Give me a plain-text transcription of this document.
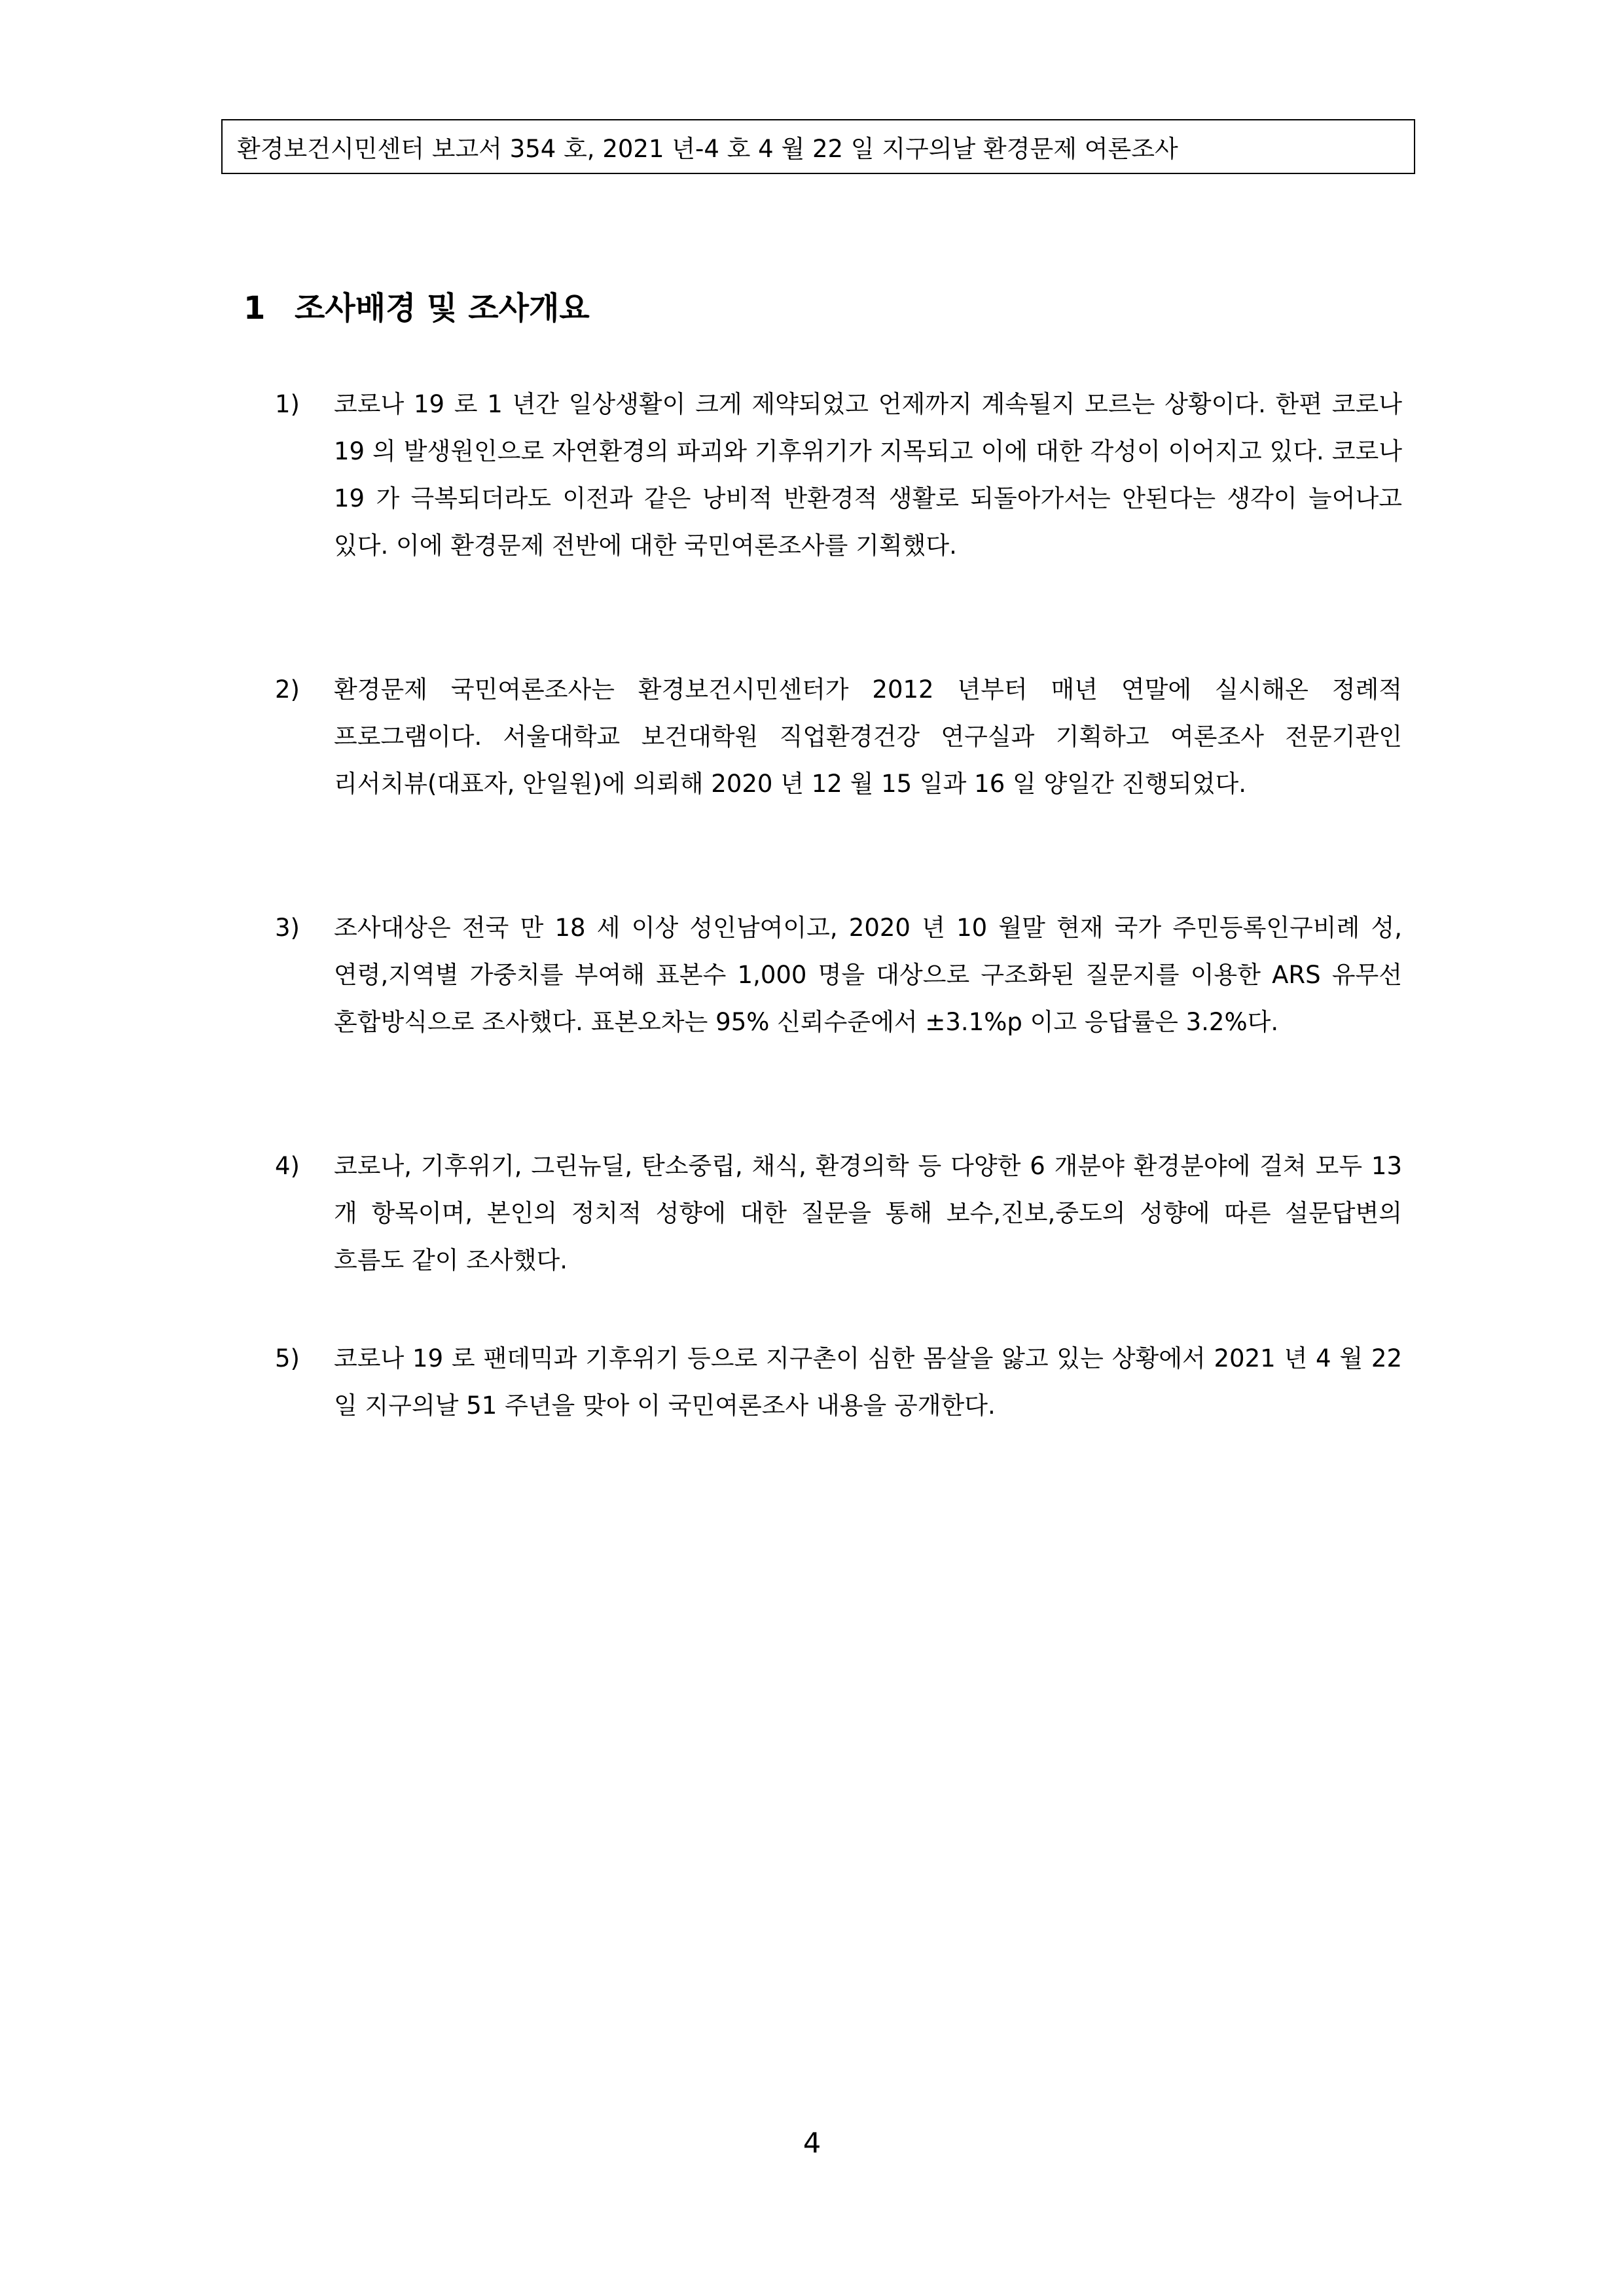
환경보건시민센터 보고서 354 호, 2021 년-4 호 4 월 22 일 지구의날 환경문제 여론조사
1 조사배경 및 조사개요
1)	코로나 19 로 1 년간 일상생활이 크게 제약되었고 언제까지 계속될지 모르는 상황이다. 한편 코로나 19 의 발생원인으로 자연환경의 파괴와 기후위기가 지목되고 이에 대한 각성이 이어지고 있다. 코로나 19 가 극복되더라도 이전과 같은 낭비적 반환경적 생활로 되돌아가서는 안된다는 생각이 늘어나고 있다. 이에 환경문제 전반에 대한 국민여론조사를 기획했다.
2)	환경문제 국민여론조사는 환경보건시민센터가 2012 년부터 매년 연말에 실시해온 정례적 프로그램이다. 서울대학교 보건대학원 직업환경건강 연구실과 기획하고 여론조사 전문기관인 리서치뷰(대표자, 안일원)에 의뢰해 2020 년 12 월 15 일과 16 일 양일간 진행되었다.
3)	조사대상은 전국 만 18 세 이상 성인남여이고, 2020 년 10 월말 현재 국가 주민등록인구비례 성,연령,지역별 가중치를 부여해 표본수 1,000 명을 대상으로 구조화된 질문지를 이용한 ARS 유무선 혼합방식으로 조사했다. 표본오차는 95% 신뢰수준에서 ±3.1%p 이고 응답률은 3.2%다.
4)	코로나, 기후위기, 그린뉴딜, 탄소중립, 채식, 환경의학 등 다양한 6 개분야 환경분야에 걸쳐 모두 13 개 항목이며, 본인의 정치적 성향에 대한 질문을 통해 보수,진보,중도의 성향에 따른 설문답변의 흐름도 같이 조사했다.
5)	코로나 19 로 팬데믹과 기후위기 등으로 지구촌이 심한 몸살을 앓고 있는 상황에서 2021 년 4 월 22 일 지구의날 51 주년을 맞아 이 국민여론조사 내용을 공개한다.
4
